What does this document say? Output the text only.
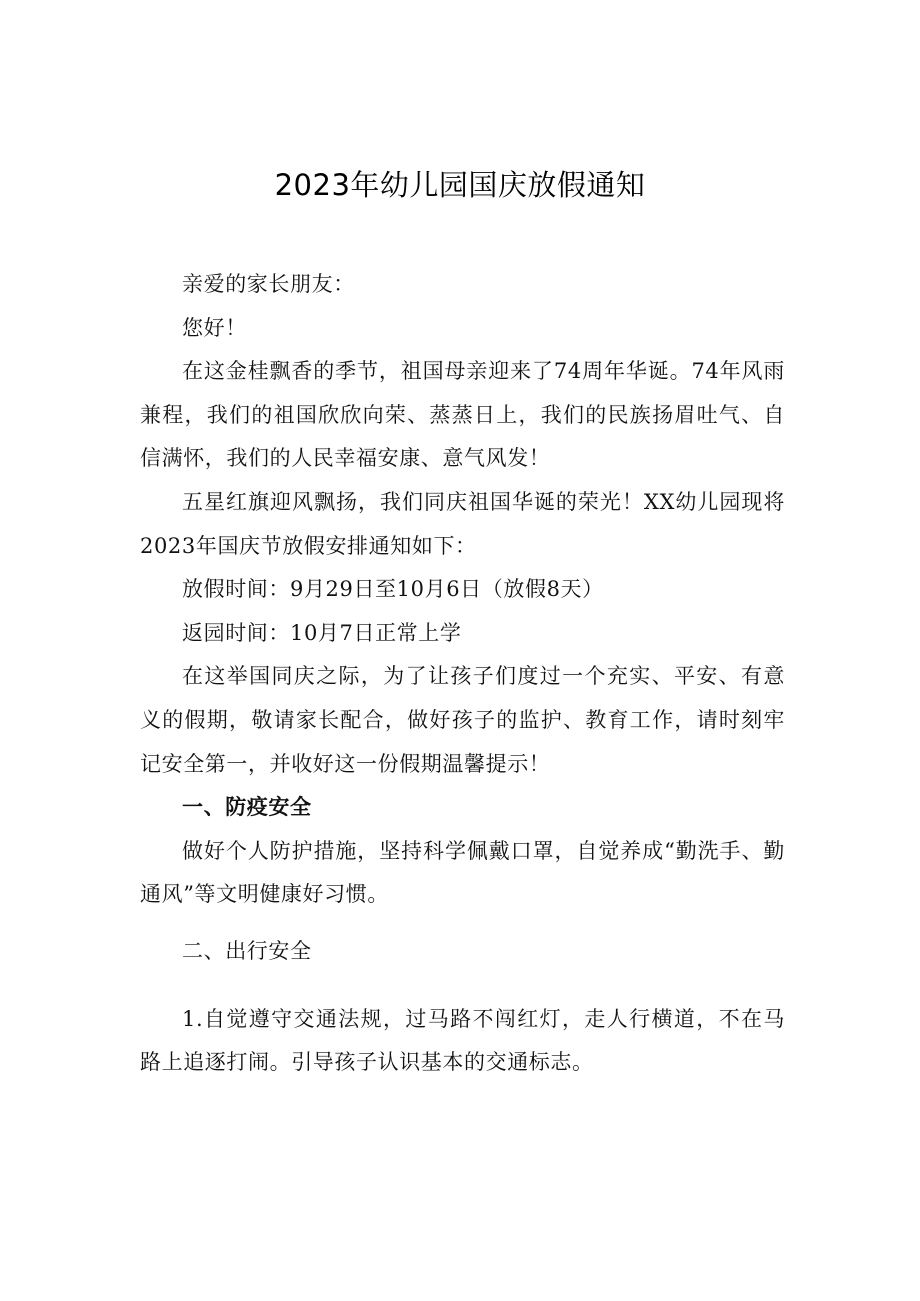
2023年幼儿园国庆放假通知

亲爱的家长朋友：

您好！

在这金桂飘香的季节，祖国母亲迎来了74周年华诞。74年风雨兼程，我们的祖国欣欣向荣、蒸蒸日上，我们的民族扬眉吐气、自信满怀，我们的人民幸福安康、意气风发！

五星红旗迎风飘扬，我们同庆祖国华诞的荣光！XX幼儿园现将2023年国庆节放假安排通知如下：

放假时间：9月29日至10月6日（放假8天）

返园时间：10月7日正常上学

在这举国同庆之际，为了让孩子们度过一个充实、平安、有意义的假期，敬请家长配合，做好孩子的监护、教育工作，请时刻牢记安全第一，并收好这一份假期温馨提示！

一、防疫安全

做好个人防护措施，坚持科学佩戴口罩，自觉养成“勤洗手、勤通风”等文明健康好习惯。

二、出行安全

1.自觉遵守交通法规，过马路不闯红灯，走人行横道，不在马路上追逐打闹。引导孩子认识基本的交通标志。
